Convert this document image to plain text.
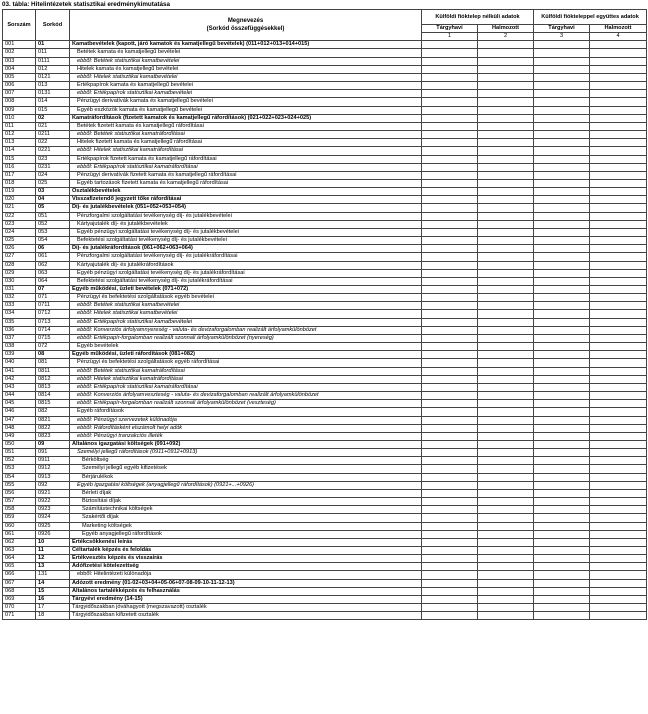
03. tábla: Hitelintézetek statisztikai eredménykimutatása
Sorszám	Sorkód	Megnevezés
(Sorkód összefüggésekkel)	Külföldi fióktelep nélküli adatok		Külföldi fiókteleppel együttes adatok	
			Tárgyhavi	Halmozott	Tárgyhavi	Halmozott
			1	2	3	4
001	01	Kamatbevételek (kapott, járó kamatok és kamatjellegű bevételek) (011+012+013+014+015)				
002	011	Betétek kamata és kamatjellegű bevételei				
003	0111	ebből: Betétek statisztikai kamatbevételei				
004	012	Hitelek kamata és kamatjellegű bevételei				
005	0121	ebből: Hitelek statisztikai kamatbevételei				
006	013	Értékpapírok kamata és kamatjellegű bevételei				
007	0131	ebből: Értékpapírok statisztikai kamatbevételei				
008	014	Pénzügyi derivatívák kamata és kamatjellegű bevételei				
009	015	Egyéb eszközök kamata és kamatjellegű bevételei				
010	02	Kamatráfordítások (fizetett kamatok és kamatjellegű ráfordítások) (021+022+023+024+025)				
011	021	Betétek fizetett kamata és kamatjellegű ráfordításai				
012	0211	ebből: Betétek statisztikai kamatráfordításai				
013	022	Hitelek fizetett kamata és kamatjellegű ráfordításai				
014	0221	ebből: Hitelek statisztikai kamatráfordításai				
015	023	Értékpapírok fizetett kamata és kamatjellegű ráfordításai				
016	0231	ebből: Értékpapírok statisztikai kamatráfordításai				
017	024	Pénzügyi derivatívák fizetett kamata és kamatjellegű ráfordításai				
018	025	Egyéb tartozások fizetett kamata és kamatjellegű ráfordításai				
019	03	Osztalékbevételek				
020	04	Visszafizetendő jegyzett tőke ráfordításai				
021	05	Díj- és jutalékbevételek (051+052+053+054)				
022	051	Pénzforgalmi szolgáltatási tevékenység díj- és jutalékbevételei				
023	052	Kártyajutalék díj- és jutalékbevételek				
024	053	Egyéb pénzügyi szolgáltatási tevékenység díj- és jutalékbevételei				
025	054	Befektetési szolgáltatási tevékenység díj- és jutalékbevételei				
026	06	Díj- és jutalékráfordítások (061+062+063+064)				
027	061	Pénzforgalmi szolgáltatási tevékenység díj- és jutalékráfordításai				
028	062	Kártyajutalék díj- és jutalékráfordítások				
029	063	Egyéb pénzügyi szolgáltatási tevékenység díj- és jutalékráfordításai				
030	064	Befektetési szolgáltatási tevékenység díj- és jutalékráfordításai				
031	07	Egyéb működési, üzleti bevételek (071+072)				
032	071	Pénzügyi és befektetési szolgáltatások egyéb bevételei				
033	0711	ebből: Betétek statisztikai kamatbevételei				
034	0712	ebből: Hitelek statisztikai kamatbevételei				
035	0713	ebből: Értékpapírok statisztikai kamatbevételei				
036	0714	ebből: Konverziós árfolyamnyereség - valuta- és devizaforgalomban realizált árfolyamkülönbözet				
037	0715	ebből: Értékpapír-forgalomban realizált szonnali árfolyamkülönbözet (nyereség)				
038	072	Egyéb bevételek				
039	08	Egyéb működési, üzleti ráfordítások (081+082)				
040	081	Pénzügyi és befektetési szolgáltatások egyéb ráfordításai				
041	0811	ebből: Betétek statisztikai kamatráfordításai				
042	0812	ebből: Hitelek statisztikai kamatráfordításai				
043	0813	ebből: Értékpapírok statisztikai kamatráfordításai				
044	0814	ebből: Konverziós árfolyamveszteség - valuta- és devizaforgalomban realizált árfolyamkülönbözet				
045	0815	ebből: Értékpapír-forgalomban realizált szonnali árfolyamkülönbözet (veszteség)				
046	082	Egyéb ráfordítások				
047	0821	ebből: Pénzügyi szervezetek különadója				
048	0822	ebből: Ráfordításként elszámolt helyi adók				
049	0823	ebből: Pénzügyi tranzakciós illeték				
050	09	Általános igazgatási költségek (091+092)				
051	091	Személyi jellegű ráfordítások (0911+0912+0913)				
052	0911	Bérköltség				
053	0912	Személyi jellegű egyéb kifizetések				
054	0913	Bérjárulékok				
055	092	Egyéb igazgatási költségek (anyagjellegű ráfordítások) (0921+...+0926)				
056	0921	Bérleti díjak				
057	0922	Biztosítási díjak				
058	0923	Számítástechnikai költségek				
059	0924	Szakértői díjak				
060	0925	Marketing költségek				
061	0926	Egyéb anyagjellegű ráfordítások				
062	10	Értékcsökkenési leírás				
063	11	Céltartalék képzés és feloldás				
064	12	Értékvesztés képzés és visszaírás				
065	13	Adófizetési kötelezettség				
066	131	ebből: Hitelintézeti különadója				
067	14	Adózott eredmény (01-02+03+04+05-06+07-08-09-10-11-12-13)				
068	15	Általános tartalékképzés és felhasználás				
069	16	Tárgyévi eredmény (14-15)				
070	17	Tárgyidőszakban jóváhagyott (megszavazott) osztalék				
071	18	Tárgyidőszakban kifizetett osztalék				
